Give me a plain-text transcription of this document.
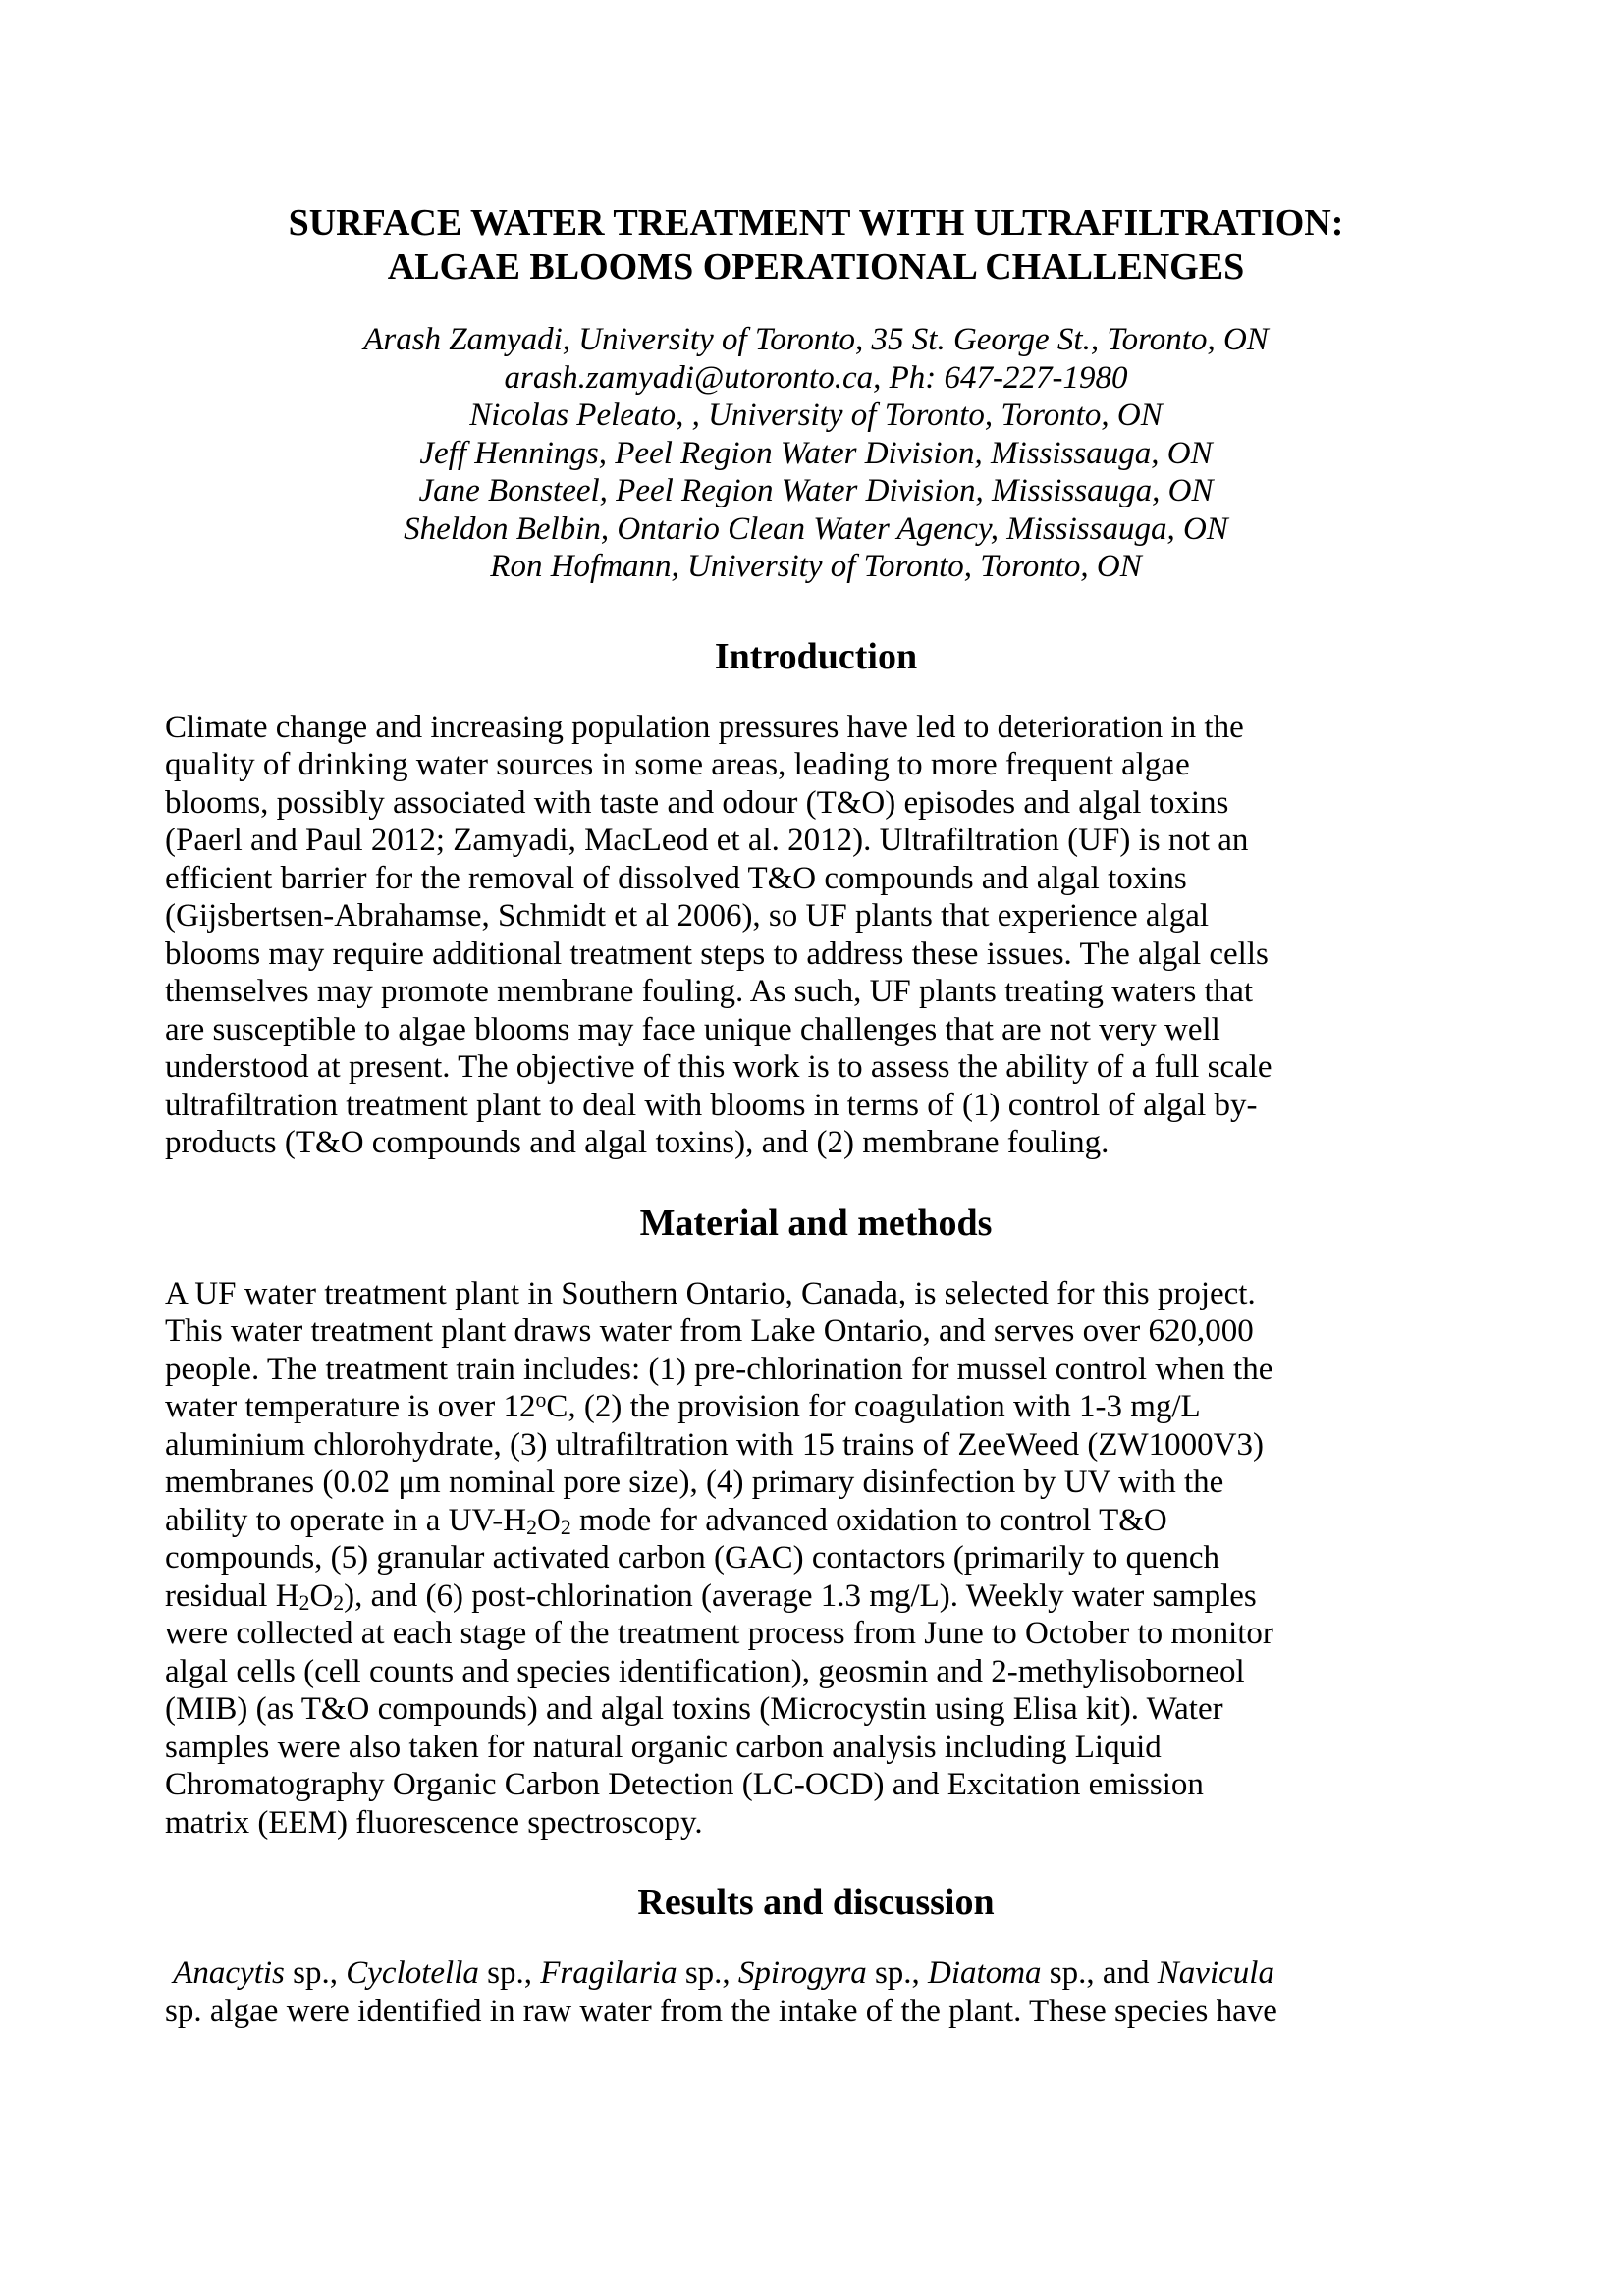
SURFACE WATER TREATMENT WITH ULTRAFILTRATION:
ALGAE BLOOMS OPERATIONAL CHALLENGES
Arash Zamyadi, University of Toronto, 35 St. George St., Toronto, ON
arash.zamyadi@utoronto.ca, Ph: 647-227-1980
Nicolas Peleato, , University of Toronto, Toronto, ON
Jeff Hennings, Peel Region Water Division, Mississauga, ON
Jane Bonsteel, Peel Region Water Division, Mississauga, ON
Sheldon Belbin, Ontario Clean Water Agency, Mississauga, ON
Ron Hofmann, University of Toronto, Toronto, ON
Introduction
Climate change and increasing population pressures have led to deterioration in the
quality of drinking water sources in some areas, leading to more frequent algae
blooms, possibly associated with taste and odour (T&O) episodes and algal toxins
(Paerl and Paul 2012; Zamyadi, MacLeod et al. 2012). Ultrafiltration (UF) is not an
efficient barrier for the removal of dissolved T&O compounds and algal toxins
(Gijsbertsen-Abrahamse, Schmidt et al 2006), so UF plants that experience algal
blooms may require additional treatment steps to address these issues. The algal cells
themselves may promote membrane fouling. As such, UF plants treating waters that
are susceptible to algae blooms may face unique challenges that are not very well
understood at present. The objective of this work is to assess the ability of a full scale
ultrafiltration treatment plant to deal with blooms in terms of (1) control of algal by-
products (T&O compounds and algal toxins), and (2) membrane fouling.
Material and methods
A UF water treatment plant in Southern Ontario, Canada, is selected for this project.
This water treatment plant draws water from Lake Ontario, and serves over 620,000
people. The treatment train includes: (1) pre-chlorination for mussel control when the
water temperature is over 12$^o$C, (2) the provision for coagulation with 1-3 mg/L
aluminium chlorohydrate, (3) ultrafiltration with 15 trains of ZeeWeed (ZW1000V3)
membranes (0.02 μm nominal pore size), (4) primary disinfection by UV with the
ability to operate in a $UV-H_2O_2$ mode for advanced oxidation to control T&O
compounds, (5) granular activated carbon (GAC) contactors (primarily to quench
residual $H_2O_2$), and (6) post-chlorination (average 1.3 mg/L). Weekly water samples
were collected at each stage of the treatment process from June to October to monitor
algal cells (cell counts and species identification), geosmin and 2-methylisoborneol
(MIB) (as T&O compounds) and algal toxins (Microcystin using Elisa kit). Water
samples were also taken for natural organic carbon analysis including Liquid
Chromatography Organic Carbon Detection (LC-OCD) and Excitation emission
matrix (EEM) fluorescence spectroscopy.
Results and discussion
Anacytis sp., Cyclotella sp., Fragilaria sp., Spirogyra sp., Diatoma sp., and Navicula
sp. algae were identified in raw water from the intake of the plant. These species have
